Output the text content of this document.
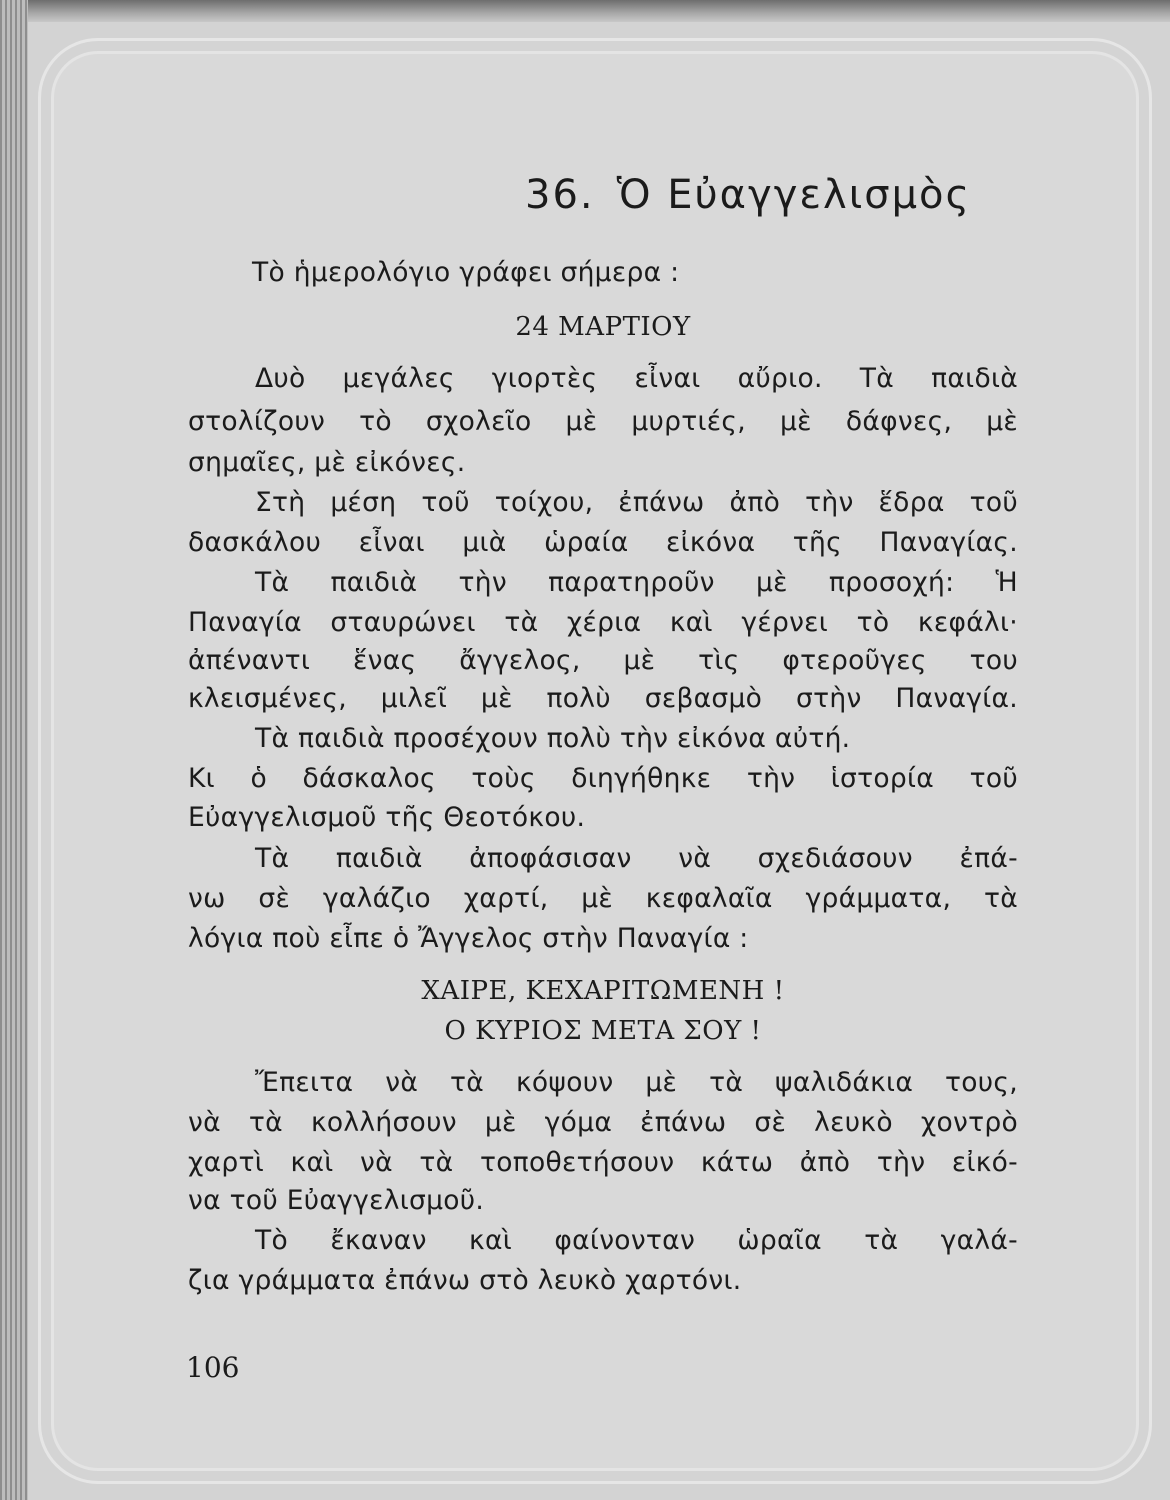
36. Ὁ Εὐαγγελισμὸς

Τὸ ἡμερολόγιο γράφει σήμερα :

24 ΜΑΡΤΙΟΥ

Δυὸ μεγάλες γιορτὲς εἶναι αὔριο. Τὰ παιδιὰ

στολίζουν τὸ σχολεῖο μὲ μυρτιές, μὲ δάφνες, μὲ

σημαῖες, μὲ εἰκόνες.

Στὴ μέση τοῦ τοίχου, ἐπάνω ἀπὸ τὴν ἕδρα τοῦ

δασκάλου εἶναι μιὰ ὡραία εἰκόνα τῆς Παναγίας.

Τὰ παιδιὰ τὴν παρατηροῦν μὲ προσοχή: Ἡ

Παναγία σταυρώνει τὰ χέρια καὶ γέρνει τὸ κεφάλι·

ἀπέναντι ἕνας ἄγγελος, μὲ τὶς φτεροῦγες του

κλεισμένες, μιλεῖ μὲ πολὺ σεβασμὸ στὴν Παναγία.

Τὰ παιδιὰ προσέχουν πολὺ τὴν εἰκόνα αὐτή.

Κι ὁ δάσκαλος τοὺς διηγήθηκε τὴν ἱστορία τοῦ

Εὐαγγελισμοῦ τῆς Θεοτόκου.

Τὰ παιδιὰ ἀποφάσισαν νὰ σχεδιάσουν ἐπά-

νω σὲ γαλάζιο χαρτί, μὲ κεφαλαῖα γράμματα, τὰ

λόγια ποὺ εἶπε ὁ Ἄγγελος στὴν Παναγία :

ΧΑΙΡΕ, ΚΕΧΑΡΙΤΩΜΕΝΗ !
Ο ΚΥΡΙΟΣ ΜΕΤΑ ΣΟΥ !

Ἔπειτα νὰ τὰ κόψουν μὲ τὰ ψαλιδάκια τους,

νὰ τὰ κολλήσουν μὲ γόμα ἐπάνω σὲ λευκὸ χοντρὸ

χαρτὶ καὶ νὰ τὰ τοποθετήσουν κάτω ἀπὸ τὴν εἰκό-

να τοῦ Εὐαγγελισμοῦ.

Τὸ ἔκαναν καὶ φαίνονταν ὡραῖα τὰ γαλά-

ζια γράμματα ἐπάνω στὸ λευκὸ χαρτόνι.

106
